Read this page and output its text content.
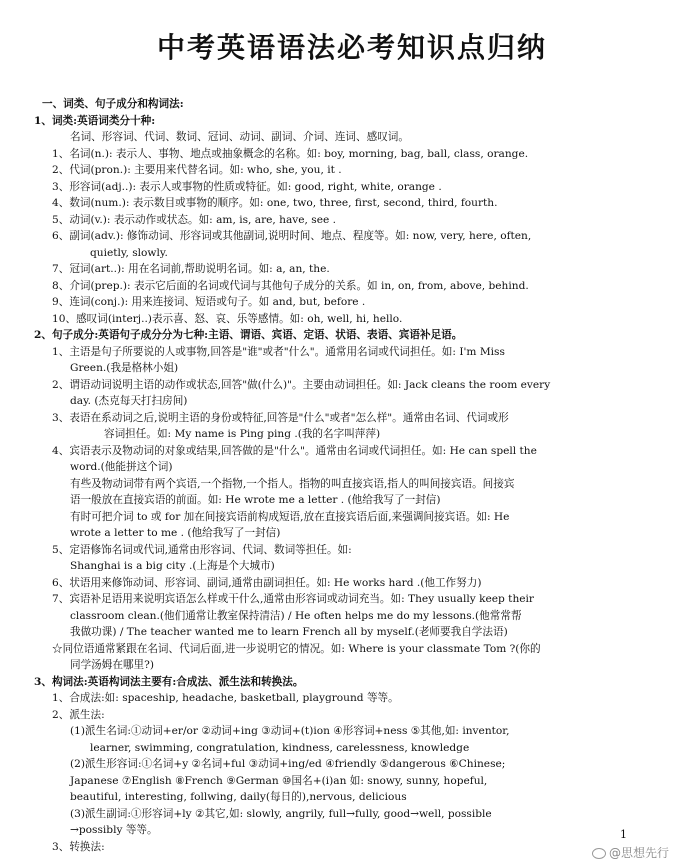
中考英语语法必考知识点归纳
一、词类、句子成分和构词法:
1、词类:英语词类分十种:
名词、形容词、代词、数词、冠词、动词、副词、介词、连词、感叹词。
1、名词(n.): 表示人、事物、地点或抽象概念的名称。如: boy, morning, bag, ball, class, orange.
2、代词(pron.): 主要用来代替名词。如: who, she, you, it .
3、形容词(adj..): 表示人或事物的性质或特征。如: good, right, white, orange .
4、数词(num.): 表示数目或事物的顺序。如: one, two, three, first, second, third, fourth.
5、动词(v.): 表示动作或状态。如: am, is, are, have, see .
6、副词(adv.): 修饰动词、形容词或其他副词,说明时间、地点、程度等。如: now, very, here, often,
quietly, slowly.
7、冠词(art..): 用在名词前,帮助说明名词。如: a, an, the.
8、介词(prep.): 表示它后面的名词或代词与其他句子成分的关系。如 in, on, from, above, behind.
9、连词(conj.): 用来连接词、短语或句子。如 and, but, before .
10、感叹词(interj..)表示喜、怒、哀、乐等感情。如: oh, well, hi, hello.
2、句子成分:英语句子成分分为七种:主语、谓语、宾语、定语、状语、表语、宾语补足语。
1、主语是句子所要说的人或事物,回答是"谁"或者"什么"。通常用名词或代词担任。如: I'm Miss
Green.(我是格林小姐)
2、谓语动词说明主语的动作或状态,回答"做(什么)"。主要由动词担任。如: Jack cleans the room every
day. (杰克每天打扫房间)
3、表语在系动词之后,说明主语的身份或特征,回答是"什么"或者"怎么样"。通常由名词、代词或形
容词担任。如: My name is Ping ping .(我的名字叫萍萍)
4、宾语表示及物动词的对象或结果,回答做的是"什么"。通常由名词或代词担任。如: He can spell the
word.(他能拼这个词)
有些及物动词带有两个宾语,一个指物,一个指人。指物的叫直接宾语,指人的叫间接宾语。间接宾
语一般放在直接宾语的前面。如: He wrote me a letter . (他给我写了一封信)
有时可把介词 to 或 for 加在间接宾语前构成短语,放在直接宾语后面,来强调间接宾语。如: He
wrote a letter to me . (他给我写了一封信)
5、定语修饰名词或代词,通常由形容词、代词、数词等担任。如:
Shanghai is a big city .(上海是个大城市)
6、状语用来修饰动词、形容词、副词,通常由副词担任。如: He works hard .(他工作努力)
7、宾语补足语用来说明宾语怎么样或干什么,通常由形容词或动词充当。如: They usually keep their
classroom clean.(他们通常让教室保持清洁) / He often helps me do my lessons.(他常常帮
我做功课) / The teacher wanted me to learn French all by myself.(老师要我自学法语)
☆同位语通常紧跟在名词、代词后面,进一步说明它的情况。如: Where is your classmate Tom ?(你的
同学汤姆在哪里?)
3、构词法:英语构词法主要有:合成法、派生法和转换法。
1、合成法:如: spaceship, headache, basketball, playground 等等。
2、派生法:
(1)派生名词:①动词+er/or ②动词+ing ③动词+(t)ion ④形容词+ness ⑤其他,如: inventor,
learner, swimming, congratulation, kindness, carelessness, knowledge
(2)派生形容词:①名词+y ②名词+ful ③动词+ing/ed ④friendly ⑤dangerous ⑥Chinese;
Japanese ⑦English ⑧French ⑨German ⑩国名+(i)an 如: snowy, sunny, hopeful,
beautiful, interesting, follwing, daily(每日的),nervous, delicious
(3)派生副词:①形容词+ly ②其它,如: slowly, angrily, full→fully, good→well, possible
→possibly 等等。
3、转换法:
1
@思想先行
